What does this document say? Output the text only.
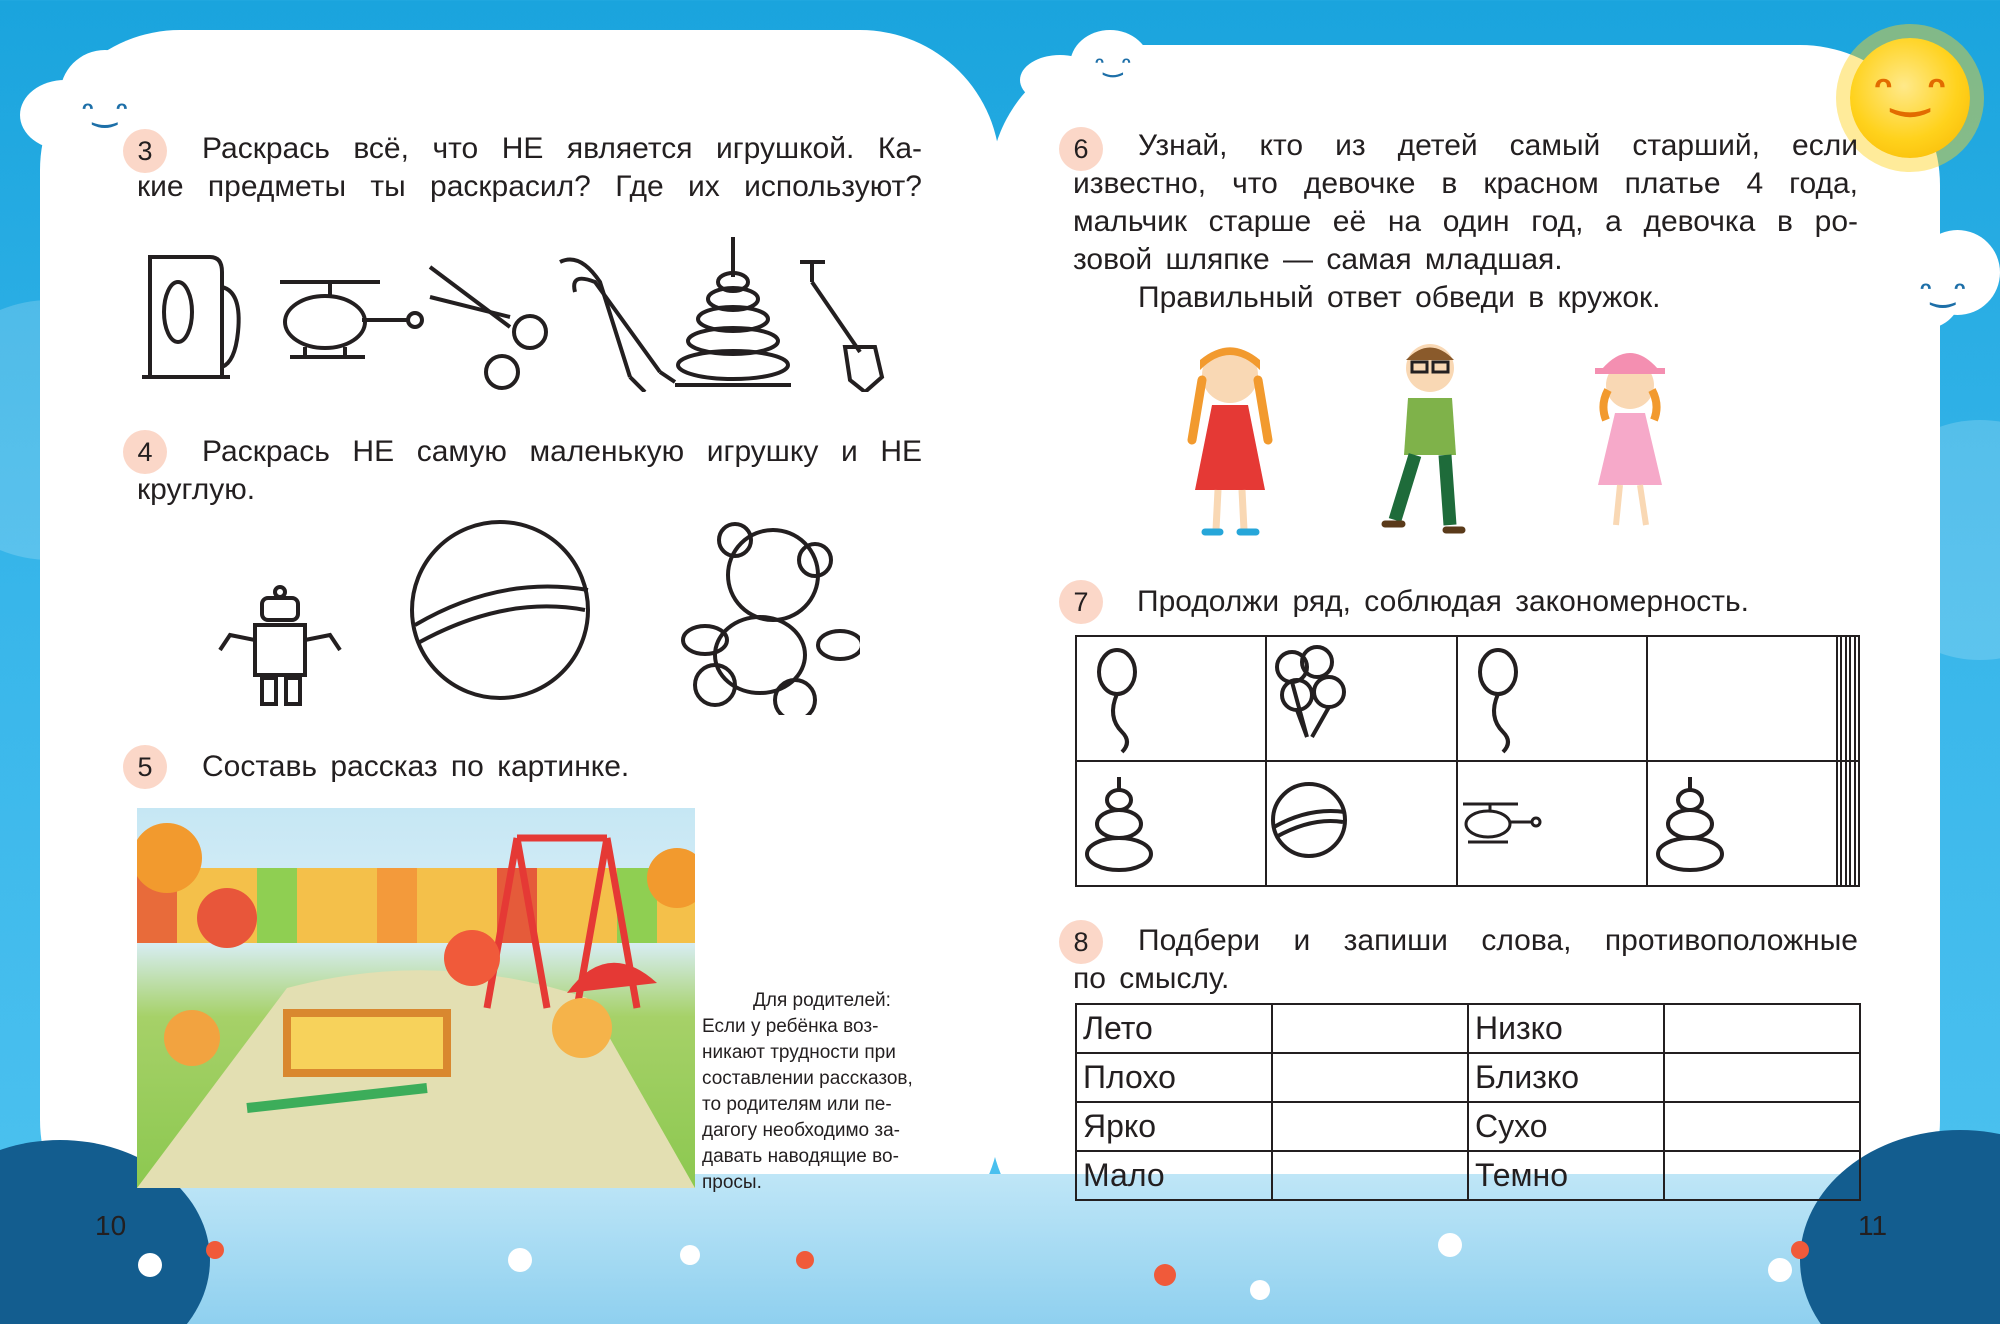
ᵔ‿ᵔ
ᵔ‿ᵔ
ᵔ‿ᵔ
ᵔ‿ᵔ
3	Раскрась всё, что НЕ является игрушкой. Ка-
кие предметы ты раскрасил? Где их используют?
4	Раскрась НЕ самую маленькую игрушку и НЕ
круглую.
5	Составь рассказ по картинке.
Для родителей:
Если у ребёнка воз-
никают трудности при
составлении рассказов,
то родителям или пе-
дагогу необходимо за-
давать наводящие во-
просы.
10
6	Узнай, кто из детей самый старший, если
известно, что девочке в красном платье 4 года,
мальчик старше её на один год, а девочка в ро-
зовой шляпке — самая младшая.
Правильный ответ обведи в кружок.
7	Продолжи ряд, соблюдая закономерность.

8	Подбери и запиши слова, противоположные
по смыслу.
Лето		Низко	
Плохо		Близко	
Ярко		Сухо	
Мало		Темно	
11
